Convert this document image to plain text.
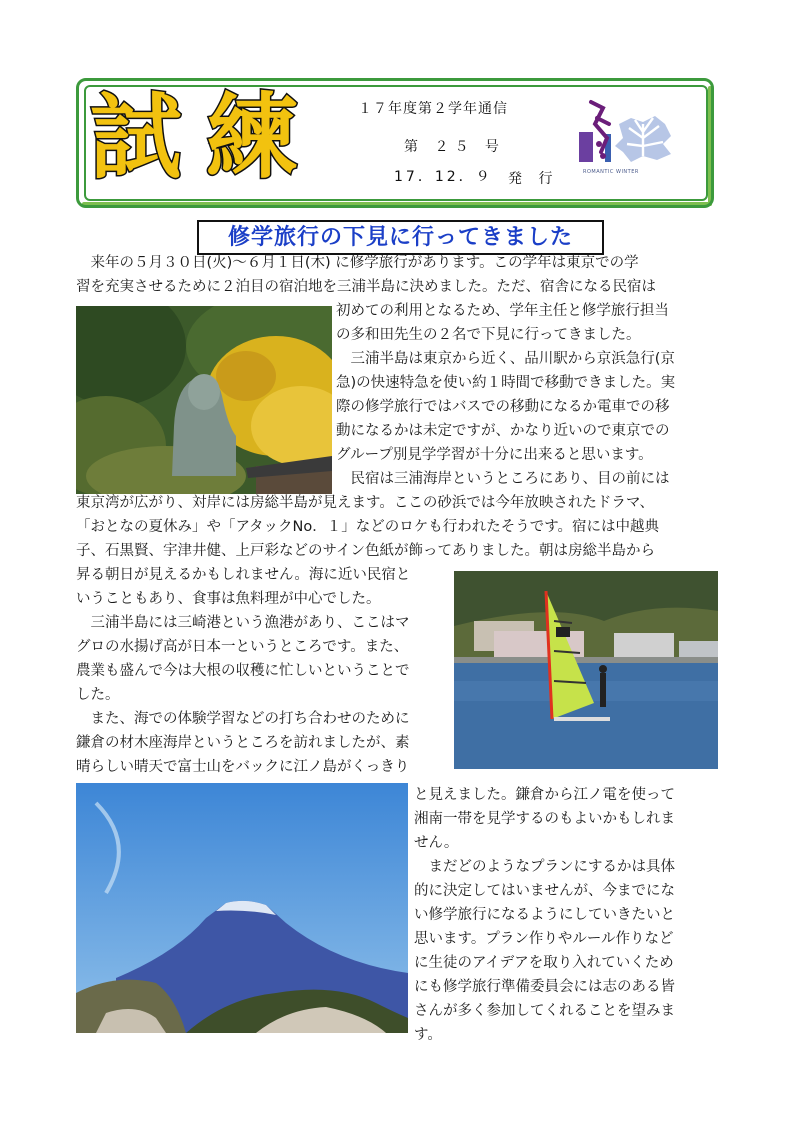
試 練	１７年度第２学年通信
第 ２５ 号
17．12．９ 発 行	ROMANTIC WINTER
修学旅行の下見に行ってきました
　来年の５月３０日(火)～６月１日(木) に修学旅行があります。この学年は東京での学
習を充実させるために２泊目の宿泊地を三浦半島に決めました。ただ、宿舎になる民宿は
初めての利用となるため、学年主任と修学旅行担当
の多和田先生の２名で下見に行ってきました。
　三浦半島は東京から近く、品川駅から京浜急行(京
急)の快速特急を使い約１時間で移動できました。実
際の修学旅行ではバスでの移動になるか電車での移
動になるかは未定ですが、かなり近いので東京での
グループ別見学学習が十分に出来ると思います。
　民宿は三浦海岸というところにあり、目の前には
東京湾が広がり、対岸には房総半島が見えます。ここの砂浜では今年放映されたドラマ、
「おとなの夏休み」や「アタックNo．１」などのロケも行われたそうです。宿には中越典
子、石黒賢、宇津井健、上戸彩などのサイン色紙が飾ってありました。朝は房総半島から
昇る朝日が見えるかもしれません。海に近い民宿と
いうこともあり、食事は魚料理が中心でした。
　三浦半島には三崎港という漁港があり、ここはマ
グロの水揚げ高が日本一というところです。また、
農業も盛んで今は大根の収穫に忙しいということで
した。
　また、海での体験学習などの打ち合わせのために
鎌倉の材木座海岸というところを訪れましたが、素
晴らしい晴天で富士山をバックに江ノ島がくっきり
と見えました。鎌倉から江ノ電を使って
湘南一帯を見学するのもよいかもしれま
せん。
　まだどのようなプランにするかは具体
的に決定してはいませんが、今までにな
い修学旅行になるようにしていきたいと
思います。プラン作りやルール作りなど
に生徒のアイデアを取り入れていくため
にも修学旅行準備委員会には志のある皆
さんが多く参加してくれることを望みま
す。
